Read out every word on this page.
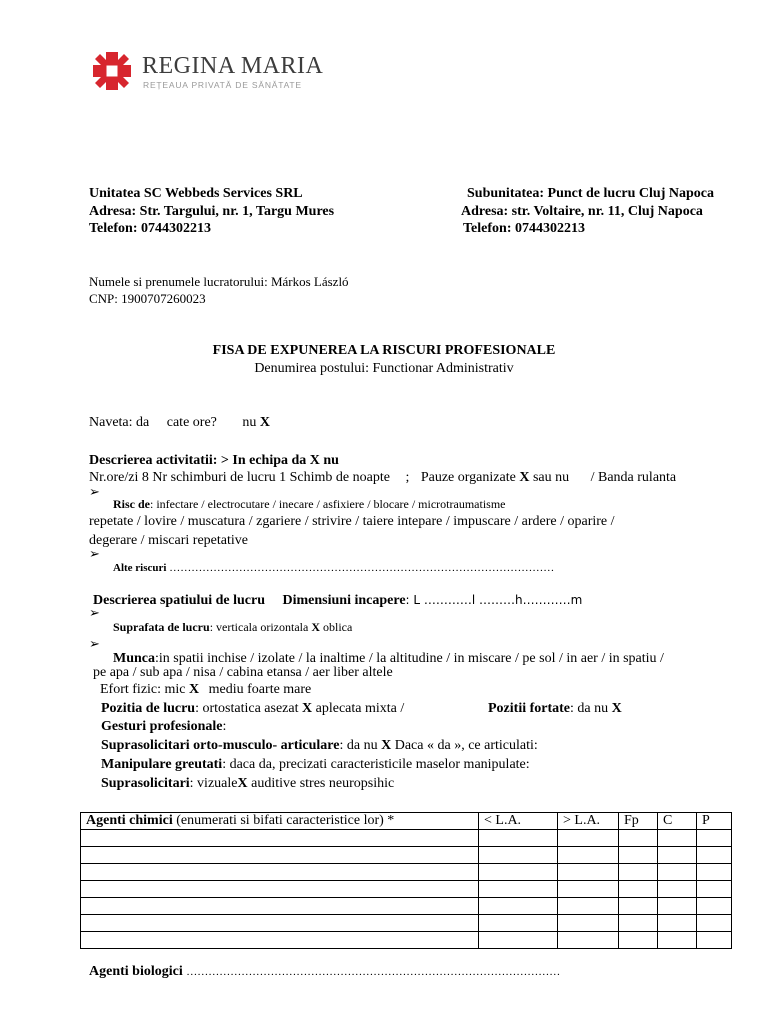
REGINA MARIA
REȚEAUA PRIVATĂ DE SĂNĂTATE
Unitatea SC Webbeds Services SRL
Adresa: Str. Targului, nr. 1, Targu Mures
Telefon: 0744302213
Subunitatea: Punct de lucru Cluj Napoca
Adresa: str. Voltaire, nr. 11, Cluj Napoca
Telefon: 0744302213
Numele si prenumele lucratorului: Márkos László
CNP: 1900707260023
FISA DE EXPUNEREA LA RISCURI PROFESIONALE
Denumirea postului: Functionar Administrativ
Naveta: da cate ore? nu X
Descrierea activitatii: > In echipa da X nu
Nr.ore/zi 8 Nr schimburi de lucru 1 Schimb de noapte ; Pauze organizate X sau nu / Banda rulanta
➢
Risc de: infectare / electrocutare / inecare / asfixiere / blocare / microtraumatisme
repetate / lovire / muscatura / zgariere / strivire / taiere intepare / impuscare / ardere / oparire /
degerare / miscari repetative
➢
Alte riscuri ……………………………………………………………………………………………
Descrierea spatiului de lucru Dimensiuni incapere: L …………l ………h…………m
➢
Suprafata de lucru: verticala orizontala X oblica
➢
Munca:in spatii inchise / izolate / la inaltime / la altitudine / in miscare / pe sol / in aer / in spatiu /
pe apa / sub apa / nisa / cabina etansa / aer liber altele
Efort fizic: mic X mediu foarte mare
Pozitia de lucru: ortostatica asezat X aplecata mixta /	Pozitii fortate: da nu X
Gesturi profesionale:
Suprasolicitari orto-musculo- articulare: da nu X Daca « da », ce articulati:
Manipulare greutati: daca da, precizati caracteristicile maselor manipulate:
Suprasolicitari: vizualeX auditive stres neuropsihic
Agenti chimici (enumerati si bifati caracteristice lor) *	< L.A.	> L.A.	Fp	C	P

Agenti biologici …………………………………………………………………………………………
